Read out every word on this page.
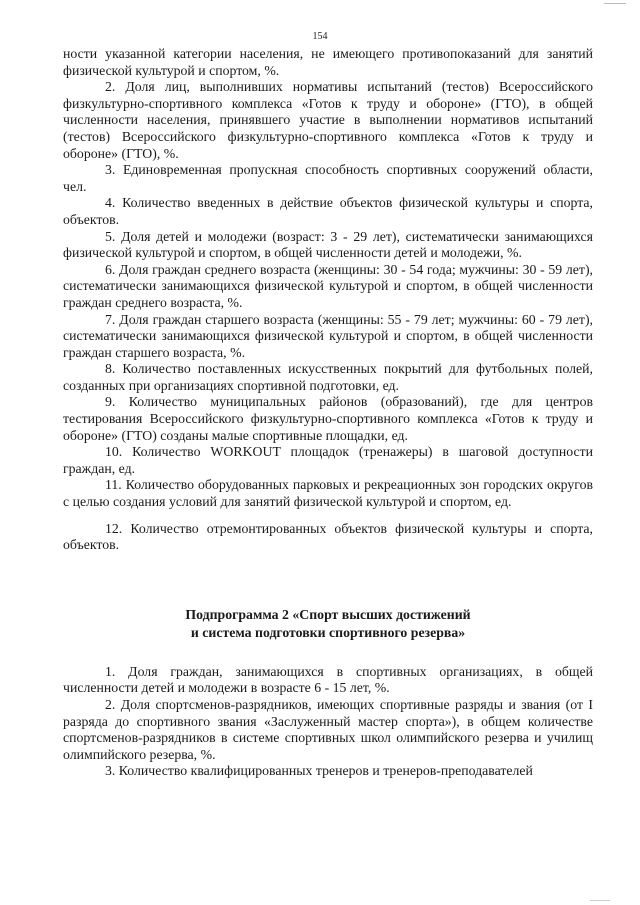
154

ности указанной категории населения, не имеющего противопоказаний для занятий физической культурой и спортом, %.

2. Доля лиц, выполнивших нормативы испытаний (тестов) Всероссийского физкультурно-спортивного комплекса «Готов к труду и обороне» (ГТО), в общей численности населения, принявшего участие в выполнении нормативов испытаний (тестов) Всероссийского физкультурно-спортивного комплекса «Готов к труду и обороне» (ГТО), %.

3. Единовременная пропускная способность спортивных сооружений области, чел.

4. Количество введенных в действие объектов физической культуры и спорта, объектов.

5. Доля детей и молодежи (возраст: 3 - 29 лет), систематически занимающихся физической культурой и спортом, в общей численности детей и молодежи, %.

6. Доля граждан среднего возраста (женщины: 30 - 54 года; мужчины: 30 - 59 лет), систематически занимающихся физической культурой и спортом, в общей численности граждан среднего возраста, %.

7. Доля граждан старшего возраста (женщины: 55 - 79 лет; мужчины: 60 - 79 лет), систематически занимающихся физической культурой и спортом, в общей численности граждан старшего возраста, %.

8. Количество поставленных искусственных покрытий для футбольных полей, созданных при организациях спортивной подготовки, ед.

9. Количество муниципальных районов (образований), где для центров тестирования Всероссийского физкультурно-спортивного комплекса «Готов к труду и обороне» (ГТО) созданы малые спортивные площадки, ед.

10. Количество WORKOUT площадок (тренажеры) в шаговой доступности граждан, ед.

11. Количество оборудованных парковых и рекреационных зон городских округов с целью создания условий для занятий физической культурой и спортом, ед.

12. Количество отремонтированных объектов физической культуры и спорта, объектов.

Подпрограмма 2 «Спорт высших достижений
и система подготовки спортивного резерва»

1. Доля граждан, занимающихся в спортивных организациях, в общей численности детей и молодежи в возрасте 6 - 15 лет, %.

2. Доля спортсменов-разрядников, имеющих спортивные разряды и звания (от I разряда до спортивного звания «Заслуженный мастер спорта»), в общем количестве спортсменов-разрядников в системе спортивных школ олимпийского резерва и училищ олимпийского резерва, %.

3. Количество квалифицированных тренеров и тренеров-преподавателей
